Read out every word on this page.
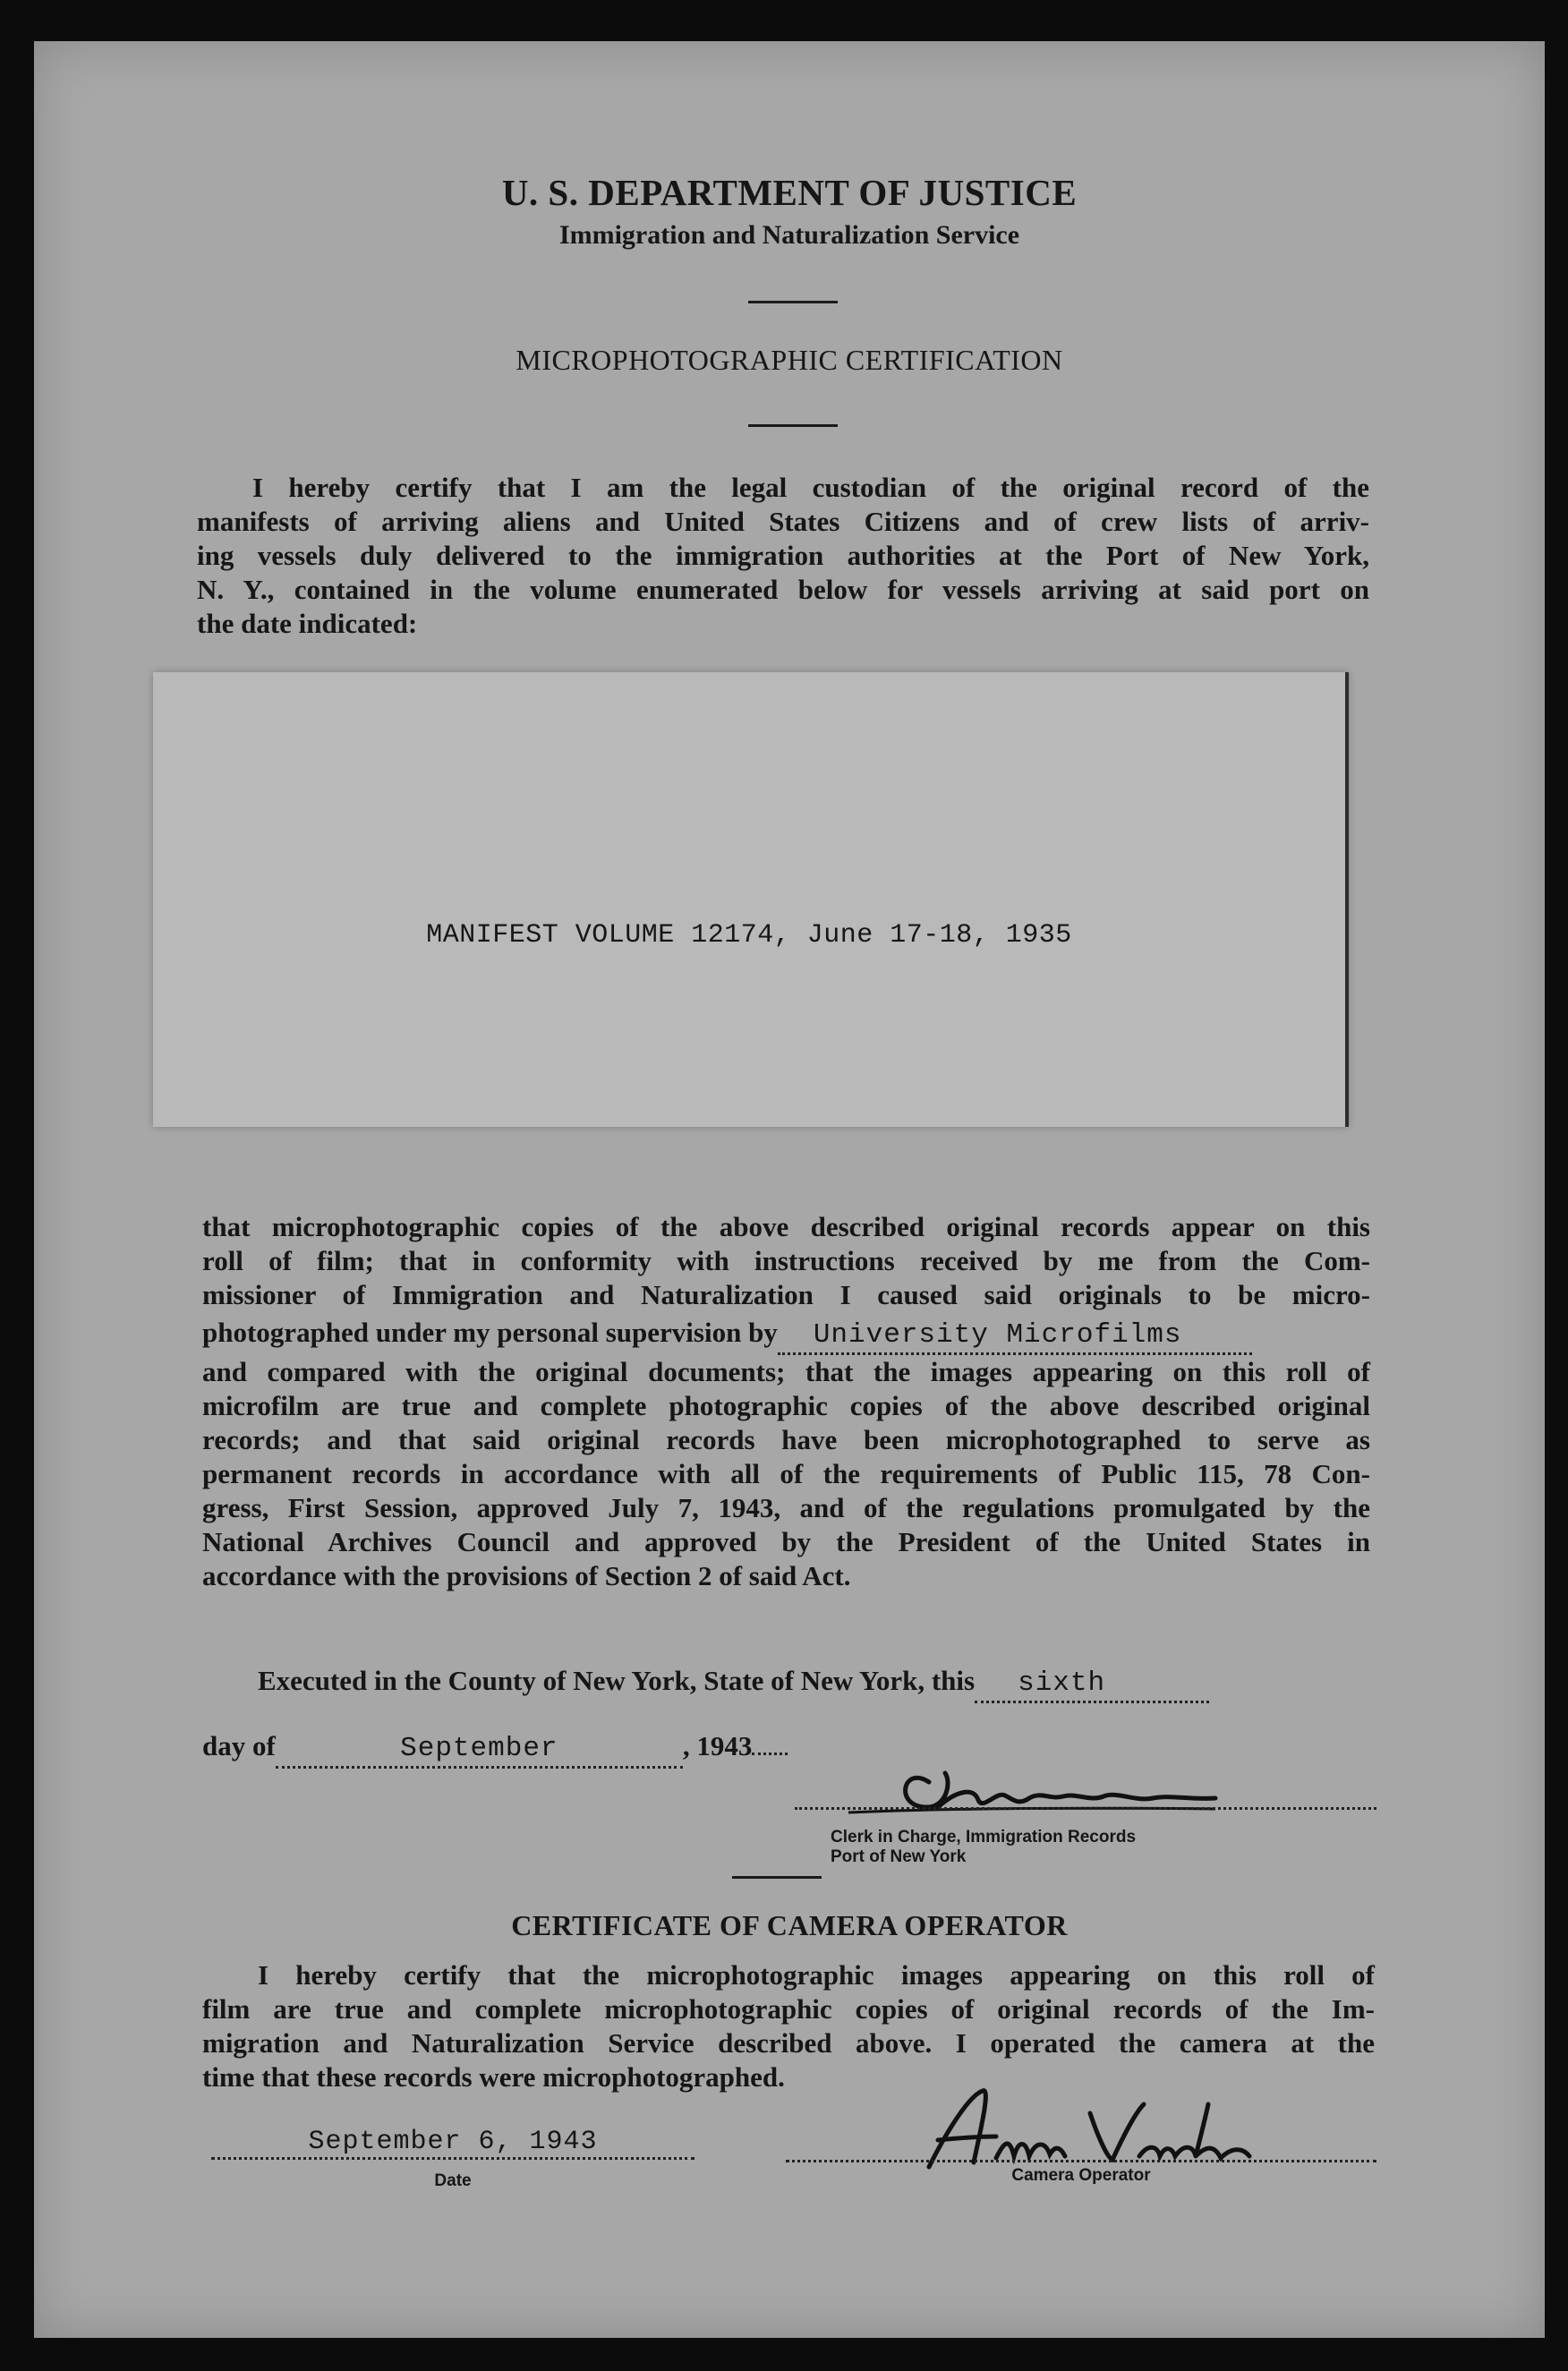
U. S. DEPARTMENT OF JUSTICE
Immigration and Naturalization Service
MICROPHOTOGRAPHIC CERTIFICATION
I hereby certify that I am the legal custodian of the original record of the
manifests of arriving aliens and United States Citizens and of crew lists of arriv-
ing vessels duly delivered to the immigration authorities at the Port of New York,
N. Y., contained in the volume enumerated below for vessels arriving at said port on
the date indicated:
MANIFEST VOLUME 12174, June 17-18, 1935
that microphotographic copies of the above described original records appear on this
roll of film; that in conformity with instructions received by me from the Com-
missioner of Immigration and Naturalization I caused said originals to be micro-
photographed under my personal supervision by University Microfilms
and compared with the original documents; that the images appearing on this roll of
microfilm are true and complete photographic copies of the above described original
records; and that said original records have been microphotographed to serve as
permanent records in accordance with all of the requirements of Public 115, 78 Con-
gress, First Session, approved July 7, 1943, and of the regulations promulgated by the
National Archives Council and approved by the President of the United States in
accordance with the provisions of Section 2 of said Act.
Executed in the County of New York, State of New York, this sixth
day of	September	, 1943
Clerk in Charge, Immigration Records
Port of New York
CERTIFICATE OF CAMERA OPERATOR
I hereby certify that the microphotographic images appearing on this roll of
film are true and complete microphotographic copies of original records of the Im-
migration and Naturalization Service described above. I operated the camera at the
time that these records were microphotographed.
September 6, 1943
Date	Camera Operator
